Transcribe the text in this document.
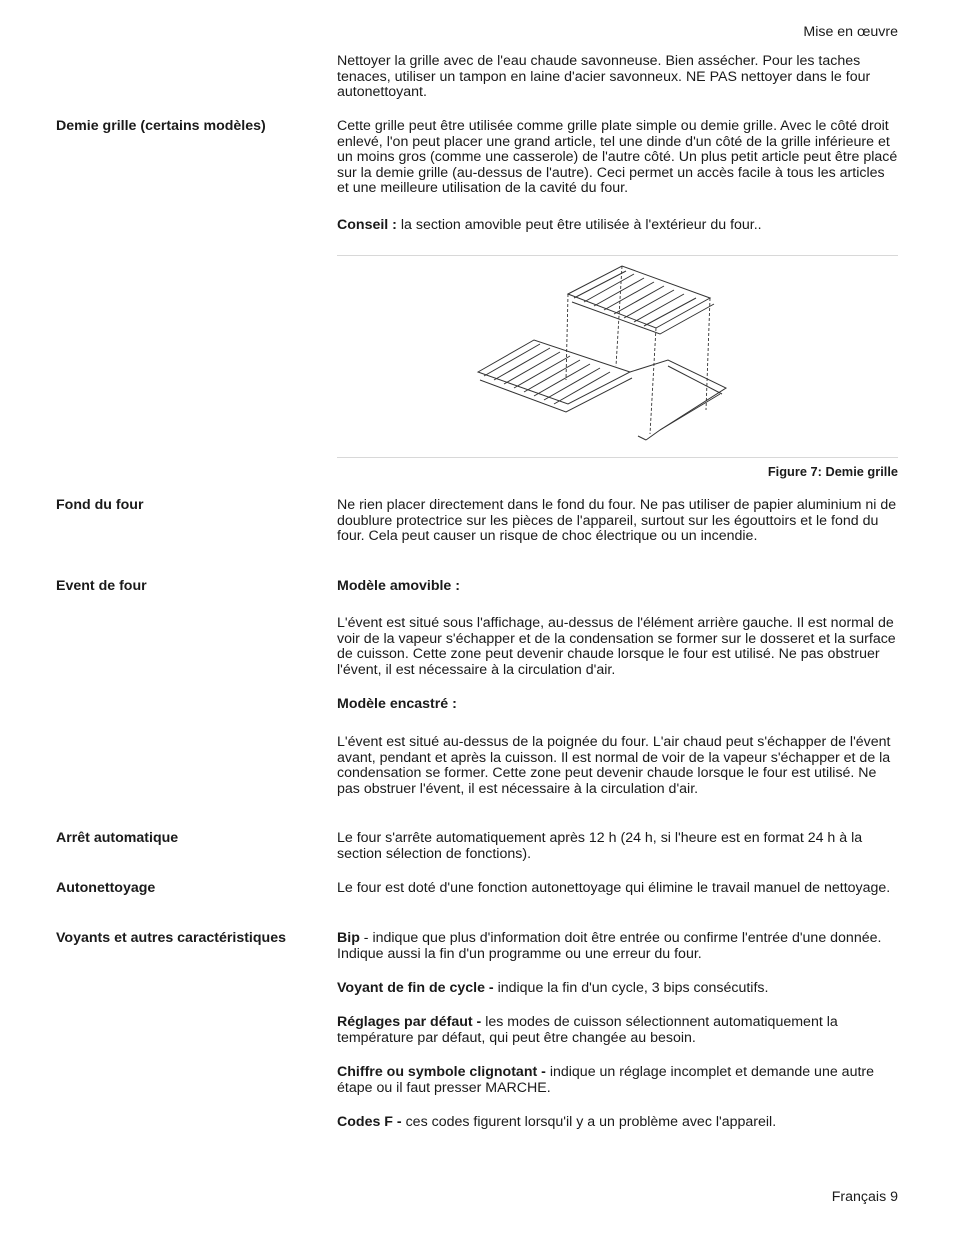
Mise en œuvre

Nettoyer la grille avec de l'eau chaude savonneuse. Bien assécher. Pour les taches tenaces, utiliser un tampon en laine d'acier savonneux. NE PAS nettoyer dans le four autonettoyant.

Demie grille (certains modèles)	Cette grille peut être utilisée comme grille plate simple ou demie grille. Avec le côté droit enlevé, l'on peut placer une grand article, tel une dinde d'un côté de la grille inférieure et un moins gros (comme une casserole) de l'autre côté. Un plus petit article peut être placé sur la demie grille (au-dessus de l'autre). Ceci permet un accès facile à tous les articles et une meilleure utilisation de la cavité du four.

Conseil : la section amovible peut être utilisée à l'extérieur du four..

Figure 7: Demie grille
Fond du four	Ne rien placer directement dans le fond du four. Ne pas utiliser de papier aluminium ni de doublure protectrice sur les pièces de l'appareil, surtout sur les égouttoirs et le fond du four. Cela peut causer un risque de choc électrique ou un incendie.

Event de four	Modèle amovible :

L'évent est situé sous l'affichage, au-dessus de l'élément arrière gauche. Il est normal de voir de la vapeur s'échapper et de la condensation se former sur le dosseret et la surface de cuisson. Cette zone peut devenir chaude lorsque le four est utilisé. Ne pas obstruer l'évent, il est nécessaire à la circulation d'air.

Modèle encastré :

L'évent est situé au-dessus de la poignée du four. L'air chaud peut s'échapper de l'évent avant, pendant et après la cuisson. Il est normal de voir de la vapeur s'échapper et de la condensation se former. Cette zone peut devenir chaude lorsque le four est utilisé. Ne pas obstruer l'évent, il est nécessaire à la circulation d'air.

Arrêt automatique	Le four s'arrête automatiquement après 12 h (24 h, si l'heure est en format 24 h à la section sélection de fonctions).

Autonettoyage	Le four est doté d'une fonction autonettoyage qui élimine le travail manuel de nettoyage.

Voyants et autres caractéristiques	Bip - indique que plus d'information doit être entrée ou confirme l'entrée d'une donnée. Indique aussi la fin d'un programme ou une erreur du four.

Voyant de fin de cycle - indique la fin d'un cycle, 3 bips consécutifs.

Réglages par défaut - les modes de cuisson sélectionnent automatiquement la température par défaut, qui peut être changée au besoin.

Chiffre ou symbole clignotant - indique un réglage incomplet et demande une autre étape ou il faut presser MARCHE.

Codes F - ces codes figurent lorsqu'il y a un problème avec l'appareil.

Français 9
